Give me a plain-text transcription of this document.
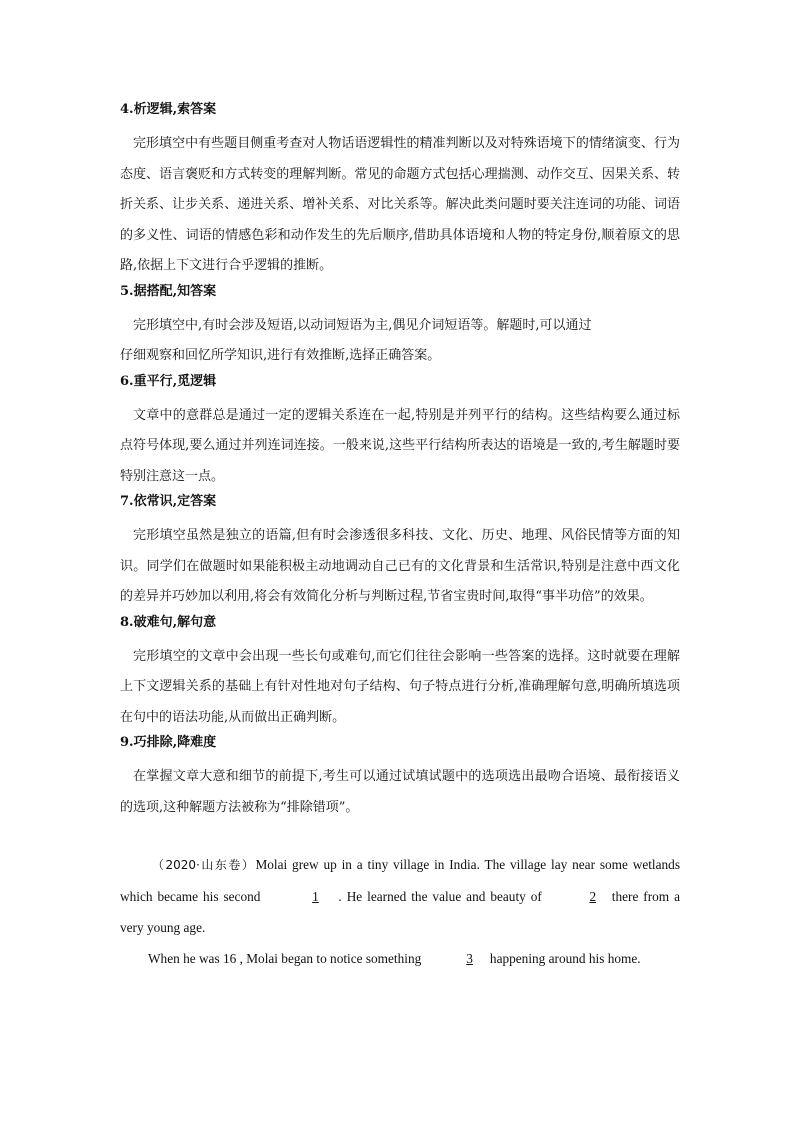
4.析逻辑,索答案

完形填空中有些题目侧重考查对人物话语逻辑性的精准判断以及对特殊语境下的情绪演变、行为态度、语言褒贬和方式转变的理解判断。常见的命题方式包括心理揣测、动作交互、因果关系、转折关系、让步关系、递进关系、增补关系、对比关系等。解决此类问题时要关注连词的功能、词语的多义性、词语的情感色彩和动作发生的先后顺序,借助具体语境和人物的特定身份,顺着原文的思路,依据上下文进行合乎逻辑的推断。

5.据搭配,知答案

完形填空中,有时会涉及短语,以动词短语为主,偶见介词短语等。解题时,可以通过

仔细观察和回忆所学知识,进行有效推断,选择正确答案。

6.重平行,觅逻辑

文章中的意群总是通过一定的逻辑关系连在一起,特别是并列平行的结构。这些结构要么通过标点符号体现,要么通过并列连词连接。一般来说,这些平行结构所表达的语境是一致的,考生解题时要特别注意这一点。

7.依常识,定答案

完形填空虽然是独立的语篇,但有时会渗透很多科技、文化、历史、地理、风俗民情等方面的知识。同学们在做题时如果能积极主动地调动自己已有的文化背景和生活常识,特别是注意中西文化的差异并巧妙加以利用,将会有效简化分析与判断过程,节省宝贵时间,取得“事半功倍”的效果。

8.破难句,解句意

完形填空的文章中会出现一些长句或难句,而它们往往会影响一些答案的选择。这时就要在理解上下文逻辑关系的基础上有针对性地对句子结构、句子特点进行分析,准确理解句意,明确所填选项在句中的语法功能,从而做出正确判断。

9.巧排除,降难度

在掌握文章大意和细节的前提下,考生可以通过试填试题中的选项选出最吻合语境、最衔接语义的选项,这种解题方法被称为“排除错项”。

（2020·山东卷）Molai grew up in a tiny village in India. The village lay near some wetlands which became his second	1 . He learned the value and beauty of	2 there from a very young age.

When he was 16 , Molai began to notice something	3 happening around his home.
